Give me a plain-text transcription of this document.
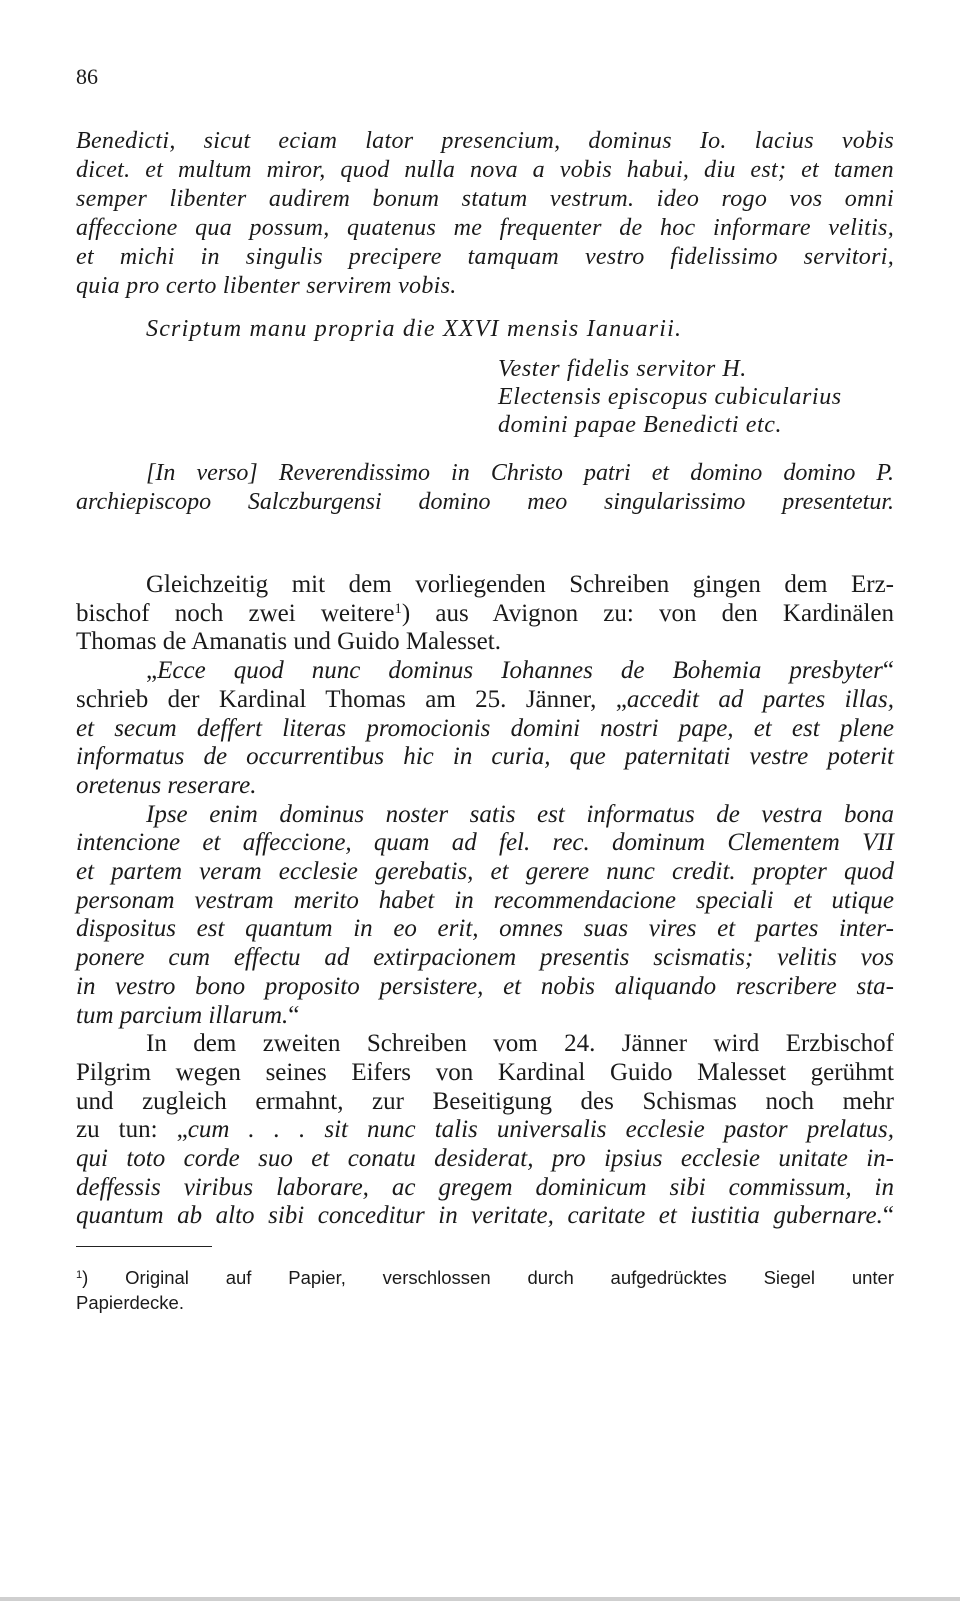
86

Benedicti, sicut eciam lator presencium, dominus Io. lacius vobis

dicet. et multum miror, quod nulla nova a vobis habui, diu est; et tamen

semper libenter audirem bonum statum vestrum. ideo rogo vos omni

affeccione qua possum, quatenus me frequenter de hoc informare velitis,

et michi in singulis precipere tamquam vestro fidelissimo servitori,

quia pro certo libenter servirem vobis.

Scriptum manu propria die XXVI mensis Ianuarii.
Vester fidelis servitor H.
Electensis episcopus cubicularius
domini papae Benedicti etc.
[In verso] Reverendissimo in Christo patri et domino domino P.
archiepiscopo Salczburgensi domino meo singularissimo presentetur.
Gleichzeitig mit dem vorliegenden Schreiben gingen dem Erz-
bischof noch zwei weitere$^1$) aus Avignon zu: von den Kardinälen
Thomas de Amanatis und Guido Malesset.
„Ecce quod nunc dominus Iohannes de Bohemia presbyter“
schrieb der Kardinal Thomas am 25. Jänner, „accedit ad partes illas,
et secum deffert literas promocionis domini nostri pape, et est plene
informatus de occurrentibus hic in curia, que paternitati vestre poterit
oretenus reserare.
Ipse enim dominus noster satis est informatus de vestra bona
intencione et affeccione, quam ad fel. rec. dominum Clementem VII
et partem veram ecclesie gerebatis, et gerere nunc credit. propter quod
personam vestram merito habet in recommendacione speciali et utique
dispositus est quantum in eo erit, omnes suas vires et partes inter-
ponere cum effectu ad extirpacionem presentis scismatis; velitis vos
in vestro bono proposito persistere, et nobis aliquando rescribere sta-
tum parcium illarum.“
In dem zweiten Schreiben vom 24. Jänner wird Erzbischof
Pilgrim wegen seines Eifers von Kardinal Guido Malesset gerühmt
und zugleich ermahnt, zur Beseitigung des Schismas noch mehr
zu tun: „cum . . . sit nunc talis universalis ecclesie pastor prelatus,
qui toto corde suo et conatu desiderat, pro ipsius ecclesie unitate in-
deffessis viribus laborare, ac gregem dominicum sibi commissum, in
quantum ab alto sibi conceditur in veritate, caritate et iustitia gubernare.“
$^1$) Original auf Papier, verschlossen durch aufgedrücktes Siegel unter
Papierdecke.
